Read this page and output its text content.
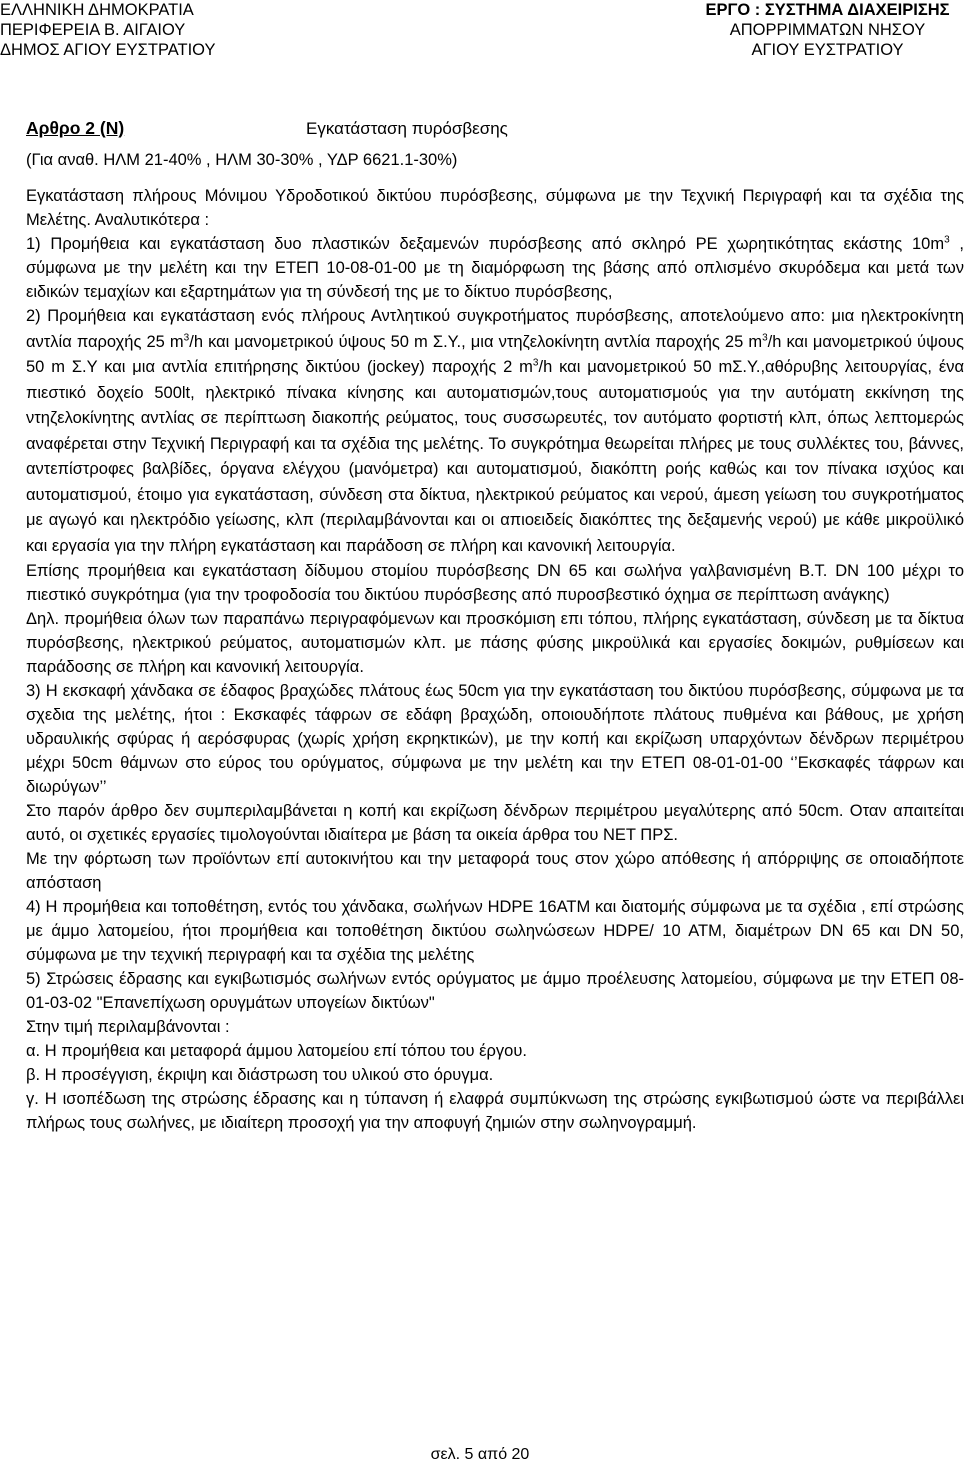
ΕΛΛΗΝΙΚΗ ΔΗΜΟΚΡΑΤΙΑ
ΠΕΡΙΦΕΡΕΙΑ Β. ΑΙΓΑΙΟΥ
ΔΗΜΟΣ ΑΓΙΟΥ ΕΥΣΤΡΑΤΙΟΥ
ΕΡΓΟ : ΣΥΣΤΗΜΑ ΔΙΑΧΕΙΡΙΣΗΣ
ΑΠΟΡΡΙΜΜΑΤΩΝ ΝΗΣΟΥ
ΑΓΙΟΥ ΕΥΣΤΡΑΤΙΟΥ
Αρθρο 2 (Ν)	Εγκατάσταση πυρόσβεσης
(Για αναθ. ΗΛΜ 21-40% , ΗΛΜ 30-30% , ΥΔΡ 6621.1-30%)

Εγκατάσταση πλήρους Μόνιμου Υδροδοτικού δικτύου πυρόσβεσης, σύμφωνα με την Τεχνική Περιγραφή και τα σχέδια της Μελέτης. Αναλυτικότερα :

1) Προμήθεια και εγκατάσταση δυο πλαστικών δεξαμενών πυρόσβεσης από σκληρό PE χωρητικότητας εκάστης $10m^3$ , σύμφωνα με την μελέτη και την ΕΤΕΠ 10-08-01-00 με τη διαμόρφωση της βάσης από οπλισμένο σκυρόδεμα και μετά των ειδικών τεμαχίων και εξαρτημάτων για τη σύνδεσή της με το δίκτυο πυρόσβεσης,

2) Προμήθεια και εγκατάσταση ενός πλήρους Αντλητικού συγκροτήματος πυρόσβεσης, αποτελούμενο απο: μια ηλεκτροκίνητη αντλία παροχής 25 $m^3/h$ και μανομετρικού ύψους 50 m Σ.Υ., μια ντηζελοκίνητη αντλία παροχής 25 $m^3/h$ και μανομετρικού ύψους 50 m Σ.Υ και μια αντλία επιτήρησης δικτύου (jockey) παροχής 2 $m^3/h$ και μανομετρικού 50 mΣ.Υ.,αθόρυβης λειτουργίας, ένα πιεστικό δοχείο 500lt, ηλεκτρικό πίνακα κίνησης και αυτοματισμών,τους αυτοματισμούς για την αυτόματη εκκίνηση της ντηζελοκίνητης αντλίας σε περίπτωση διακοπής ρεύματος, τους συσσωρευτές, τον αυτόματο φορτιστή κλπ, όπως λεπτομερώς αναφέρεται στην Τεχνική Περιγραφή και τα σχέδια της μελέτης. Το συγκρότημα θεωρείται πλήρες με τους συλλέκτες του, βάννες, αντεπίστροφες βαλβίδες, όργανα ελέγχου (μανόμετρα) και αυτοματισμού, διακόπτη ροής καθώς και τον πίνακα ισχύος και αυτοματισμού, έτοιμο για εγκατάσταση, σύνδεση στα δίκτυα, ηλεκτρικού ρεύματος και νερού, άμεση γείωση του συγκροτήματος με αγωγό και ηλεκτρόδιο γείωσης, κλπ (περιλαμβάνονται και οι απιοειδείς διακόπτες της δεξαμενής νερού) με κάθε μικροϋλικό και εργασία για την πλήρη εγκατάσταση και παράδοση σε πλήρη και κανονική λειτουργία.

Επίσης προμήθεια και εγκατάσταση δίδυμου στομίου πυρόσβεσης DN 65 και σωλήνα γαλβανισμένη Β.Τ. DN 100 μέχρι το πιεστικό συγκρότημα (για την τροφοδοσία του δικτύου πυρόσβεσης από πυροσβεστικό όχημα σε περίπτωση ανάγκης)

Δηλ. προμήθεια όλων των παραπάνω περιγραφόμενων και προσκόμιση επι τόπου, πλήρης εγκατάσταση, σύνδεση με τα δίκτυα πυρόσβεσης, ηλεκτρικού ρεύματος, αυτοματισμών κλπ. με πάσης φύσης μικροϋλικά και εργασίες δοκιμών, ρυθμίσεων και παράδοσης σε πλήρη και κανονική λειτουργία.

3) Η εκσκαφή χάνδακα σε έδαφος βραχώδες πλάτους έως 50cm για την εγκατάσταση του δικτύου πυρόσβεσης, σύμφωνα με τα σχεδια της μελέτης, ήτοι : Εκσκαφές τάφρων σε εδάφη βραχώδη, οποιουδήποτε πλάτους πυθμένα και βάθους, με χρήση υδραυλικής σφύρας ή αερόσφυρας (χωρίς χρήση εκρηκτικών), με την κοπή και εκρίζωση υπαρχόντων δένδρων περιμέτρου μέχρι 50cm θάμνων στο εύρος του ορύγματος, σύμφωνα με την μελέτη και την ΕΤΕΠ 08-01-01-00 ‘’Εκσκαφές τάφρων και διωρύγων’’

Στο παρόν άρθρο δεν συμπεριλαμβάνεται η κοπή και εκρίζωση δένδρων περιμέτρου μεγαλύτερης από 50cm. Οταν απαιτείται αυτό, οι σχετικές εργασίες τιμολογούνται ιδιαίτερα με βάση τα οικεία άρθρα του ΝΕΤ ΠΡΣ.

Με την φόρτωση των προϊόντων επί αυτοκινήτου και την μεταφορά τους στον χώρο απόθεσης ή απόρριψης σε οποιαδήποτε απόσταση

4) Η προμήθεια και τοποθέτηση, εντός του χάνδακα, σωλήνων HDPE 16ATM και διατομής σύμφωνα με τα σχέδια , επί στρώσης με άμμο λατομείου, ήτοι προμήθεια και τοποθέτηση δικτύου σωληνώσεων HDPE/ 10 ATM, διαμέτρων DN 65 και DN 50, σύμφωνα με την τεχνική περιγραφή και τα σχέδια της μελέτης

5) Στρώσεις έδρασης και εγκιβωτισμός σωλήνων εντός ορύγματος με άμμο προέλευσης λατομείου, σύμφωνα με την ΕΤΕΠ 08-01-03-02 "Επανεπίχωση ορυγμάτων υπογείων δικτύων"

Στην τιμή περιλαμβάνονται :

α. Η προμήθεια και μεταφορά άμμου λατομείου επί τόπου του έργου.

β. Η προσέγγιση, έκριψη και διάστρωση του υλικού στο όρυγμα.

γ. Η ισοπέδωση της στρώσης έδρασης και η τύπανση ή ελαφρά συμπύκνωση της στρώσης εγκιβωτισμού ώστε να περιβάλλει πλήρως τους σωλήνες, με ιδιαίτερη προσοχή για την αποφυγή ζημιών στην σωληνογραμμή.

σελ. 5 από 20
